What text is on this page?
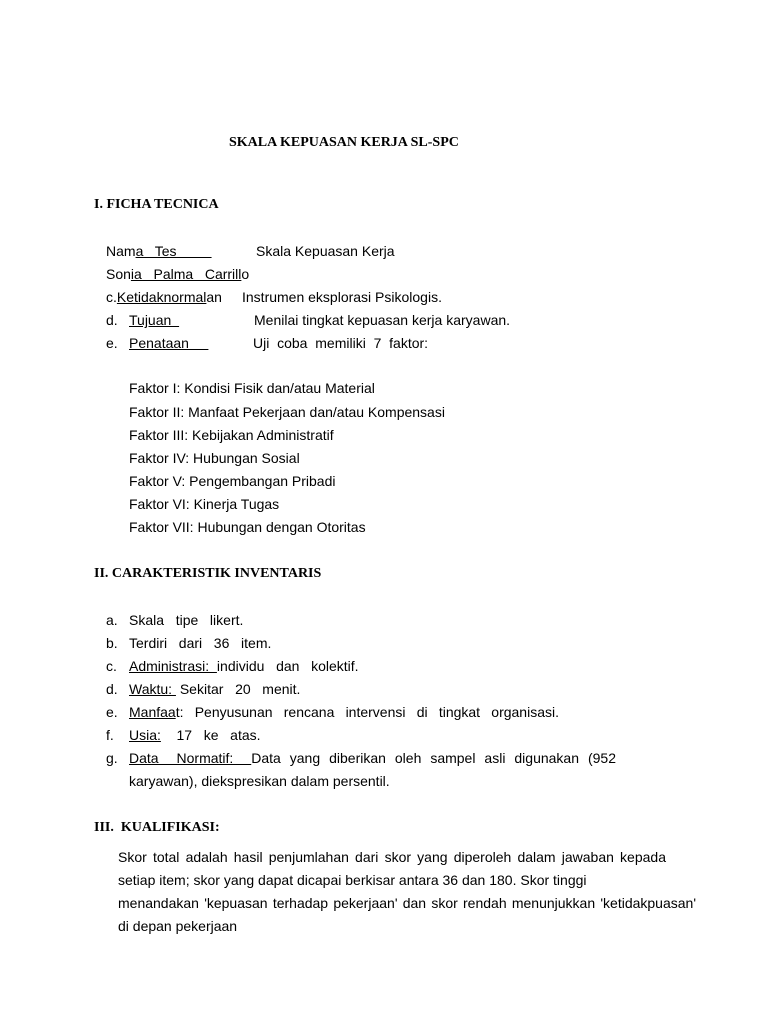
SKALA KEPUASAN KERJA SL-SPC
I. FICHA TECNICA
Nama   Tes	Skala Kepuasan Kerja
Sonia   Palma   Carrillo
c.Ketidaknormalan Instrumen eksplorasi Psikologis.
d. Tujuan	Menilai tingkat kepuasan kerja karyawan.
e. Penataan	Uji  coba  memiliki  7  faktor:
Faktor I: Kondisi Fisik dan/atau Material
Faktor II: Manfaat Pekerjaan dan/atau Kompensasi
Faktor III: Kebijakan Administratif
Faktor IV: Hubungan Sosial
Faktor V: Pengembangan Pribadi
Faktor VI: Kinerja Tugas
Faktor VII: Hubungan dengan Otoritas
II. CARAKTERISTIK INVENTARIS
a. Skala   tipe   likert.
b. Terdiri   dari   36   item.
c. Administrasi:  individu   dan   kolektif.
d. Waktu:  Sekitar   20   menit.
e. Manfaat: Penyusunan rencana intervensi di tingkat organisasi.
f. Usia: 17   ke   atas.
g. Data  Normatif:  Data yang diberikan oleh sampel asli digunakan (952
karyawan), diekspresikan dalam persentil.
III.  KUALIFIKASI:
Skor total adalah hasil penjumlahan dari skor yang diperoleh dalam jawaban kepada
setiap item; skor yang dapat dicapai berkisar antara 36 dan 180. Skor tinggi
menandakan 'kepuasan terhadap pekerjaan' dan skor rendah menunjukkan 'ketidakpuasan'
di depan pekerjaan
